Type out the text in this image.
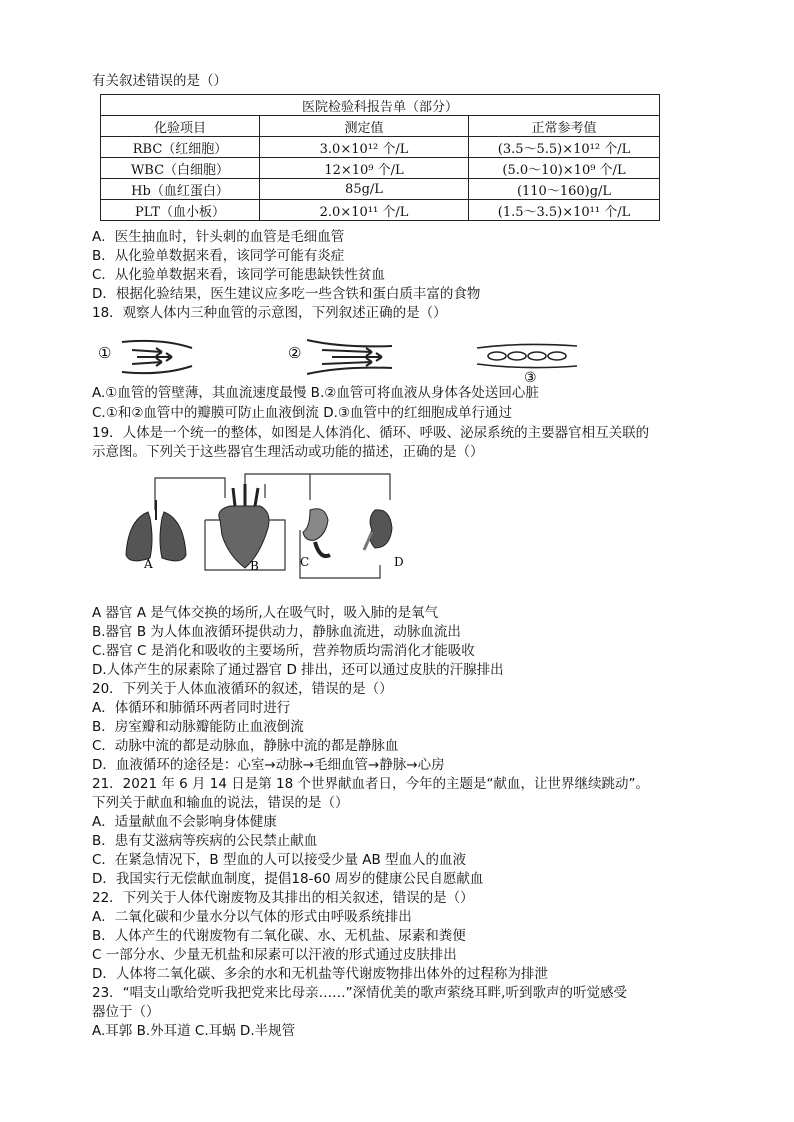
有关叙述错误的是（）
医院检验科报告单（部分）		
化验项目	测定值	正常参考值
RBC（红细胞）	3.0×10¹² 个/L	(3.5～5.5)×10¹² 个/L
WBC（白细胞）	12×10⁹ 个/L	(5.0～10)×10⁹ 个/L
Hb（血红蛋白）	85g/L	(110～160)g/L
PLT（血小板）	2.0×10¹¹ 个/L	(1.5～3.5)×10¹¹ 个/L
A．医生抽血时，针头刺的血管是毛细血管
B．从化验单数据来看，该同学可能有炎症
C．从化验单数据来看，该同学可能患缺铁性贫血
D．根据化验结果，医生建议应多吃一些含铁和蛋白质丰富的食物
18．观察人体内三种血管的示意图，下列叙述正确的是（）
①	②
③
A.①血管的管壁薄，其血流速度最慢 B.②血管可将血液从身体各处送回心脏
C.①和②血管中的瓣膜可防止血液倒流 D.③血管中的红细胞成单行通过
19．人体是一个统一的整体，如图是人体消化、循环、呼吸、泌尿系统的主要器官相互关联的
示意图。下列关于这些器官生理活动或功能的描述，正确的是（）
A	B	C	D
A 器官 A 是气体交换的场所,人在吸气时，吸入肺的是氧气
B.器官 B 为人体血液循环提供动力，静脉血流进，动脉血流出
C.器官 C 是消化和吸收的主要场所，营养物质均需消化才能吸收
D.人体产生的尿素除了通过器官 D 排出，还可以通过皮肤的汗腺排出
20．下列关于人体血液循环的叙述，错误的是（）
A．体循环和肺循环两者同时进行
B．房室瓣和动脉瓣能防止血液倒流
C．动脉中流的都是动脉血，静脉中流的都是静脉血
D．血液循环的途径是：心室→动脉→毛细血管→静脉→心房
21．2021 年 6 月 14 日是第 18 个世界献血者日，今年的主题是“献血，让世界继续跳动”。
下列关于献血和输血的说法，错误的是（）
A．适量献血不会影响身体健康
B．患有艾滋病等疾病的公民禁止献血
C．在紧急情况下，B 型血的人可以接受少量 AB 型血人的血液
D．我国实行无偿献血制度，提倡18-60 周岁的健康公民自愿献血
22．下列关于人体代谢废物及其排出的相关叙述，错误的是（）
A．二氧化碳和少量水分以气体的形式由呼吸系统排出
B．人体产生的代谢废物有二氧化碳、水、无机盐、尿素和粪便
C 一部分水、少量无机盐和尿素可以汗液的形式通过皮肤排出
D．人体将二氧化碳、多余的水和无机盐等代谢废物排出体外的过程称为排泄
23．“唱支山歌给党听我把党来比母亲……”深情优美的歌声萦绕耳畔,听到歌声的听觉感受
器位于（）
A.耳郭 B.外耳道 C.耳蜗 D.半规管
